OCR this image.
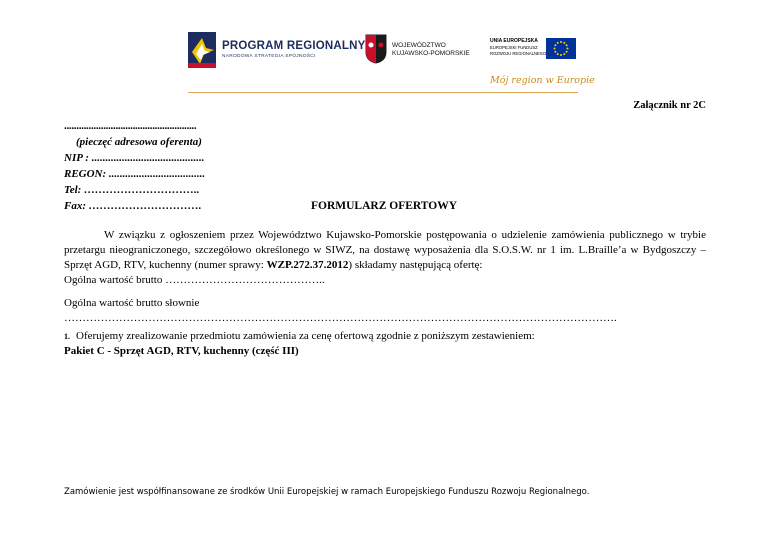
PROGRAM REGIONALNY
NARODOWA STRATEGIA SPÓJNOŚCI
WOJEWÓDZTWO
KUJAWSKO-POMORSKIE
UNIA EUROPEJSKA
EUROPEJSKI FUNDUSZ
ROZWOJU REGIONALNEGO
Mój region w Europie
Załącznik nr 2C
......................................................
(pieczęć adresowa oferenta)
NIP : .........................................
REGON: ...................................
Tel: …………………………..
Fax: ………………………….	FORMULARZ OFERTOWY
W związku z ogłoszeniem przez Województwo Kujawsko-Pomorskie postępowania o udzielenie zamówienia publicznego w trybie przetargu nieograniczonego, szczegółowo określonego w SIWZ, na dostawę wyposażenia dla S.O.S.W. nr 1 im. L.Braille’a w Bydgoszczy – Sprzęt AGD, RTV, kuchenny (numer sprawy: WZP.272.37.2012) składamy następującą ofertę:
Ogólna wartość brutto ……………………………………..
Ogólna wartość brutto słownie
…………………………………………………………………………………………………………………………………….
1. Oferujemy zrealizowanie przedmiotu zamówienia za cenę ofertową zgodnie z poniższym zestawieniem:
Pakiet C - Sprzęt AGD, RTV, kuchenny (część III)
Zamówienie jest współfinansowane ze środków Unii Europejskiej w ramach Europejskiego Funduszu Rozwoju Regionalnego.
